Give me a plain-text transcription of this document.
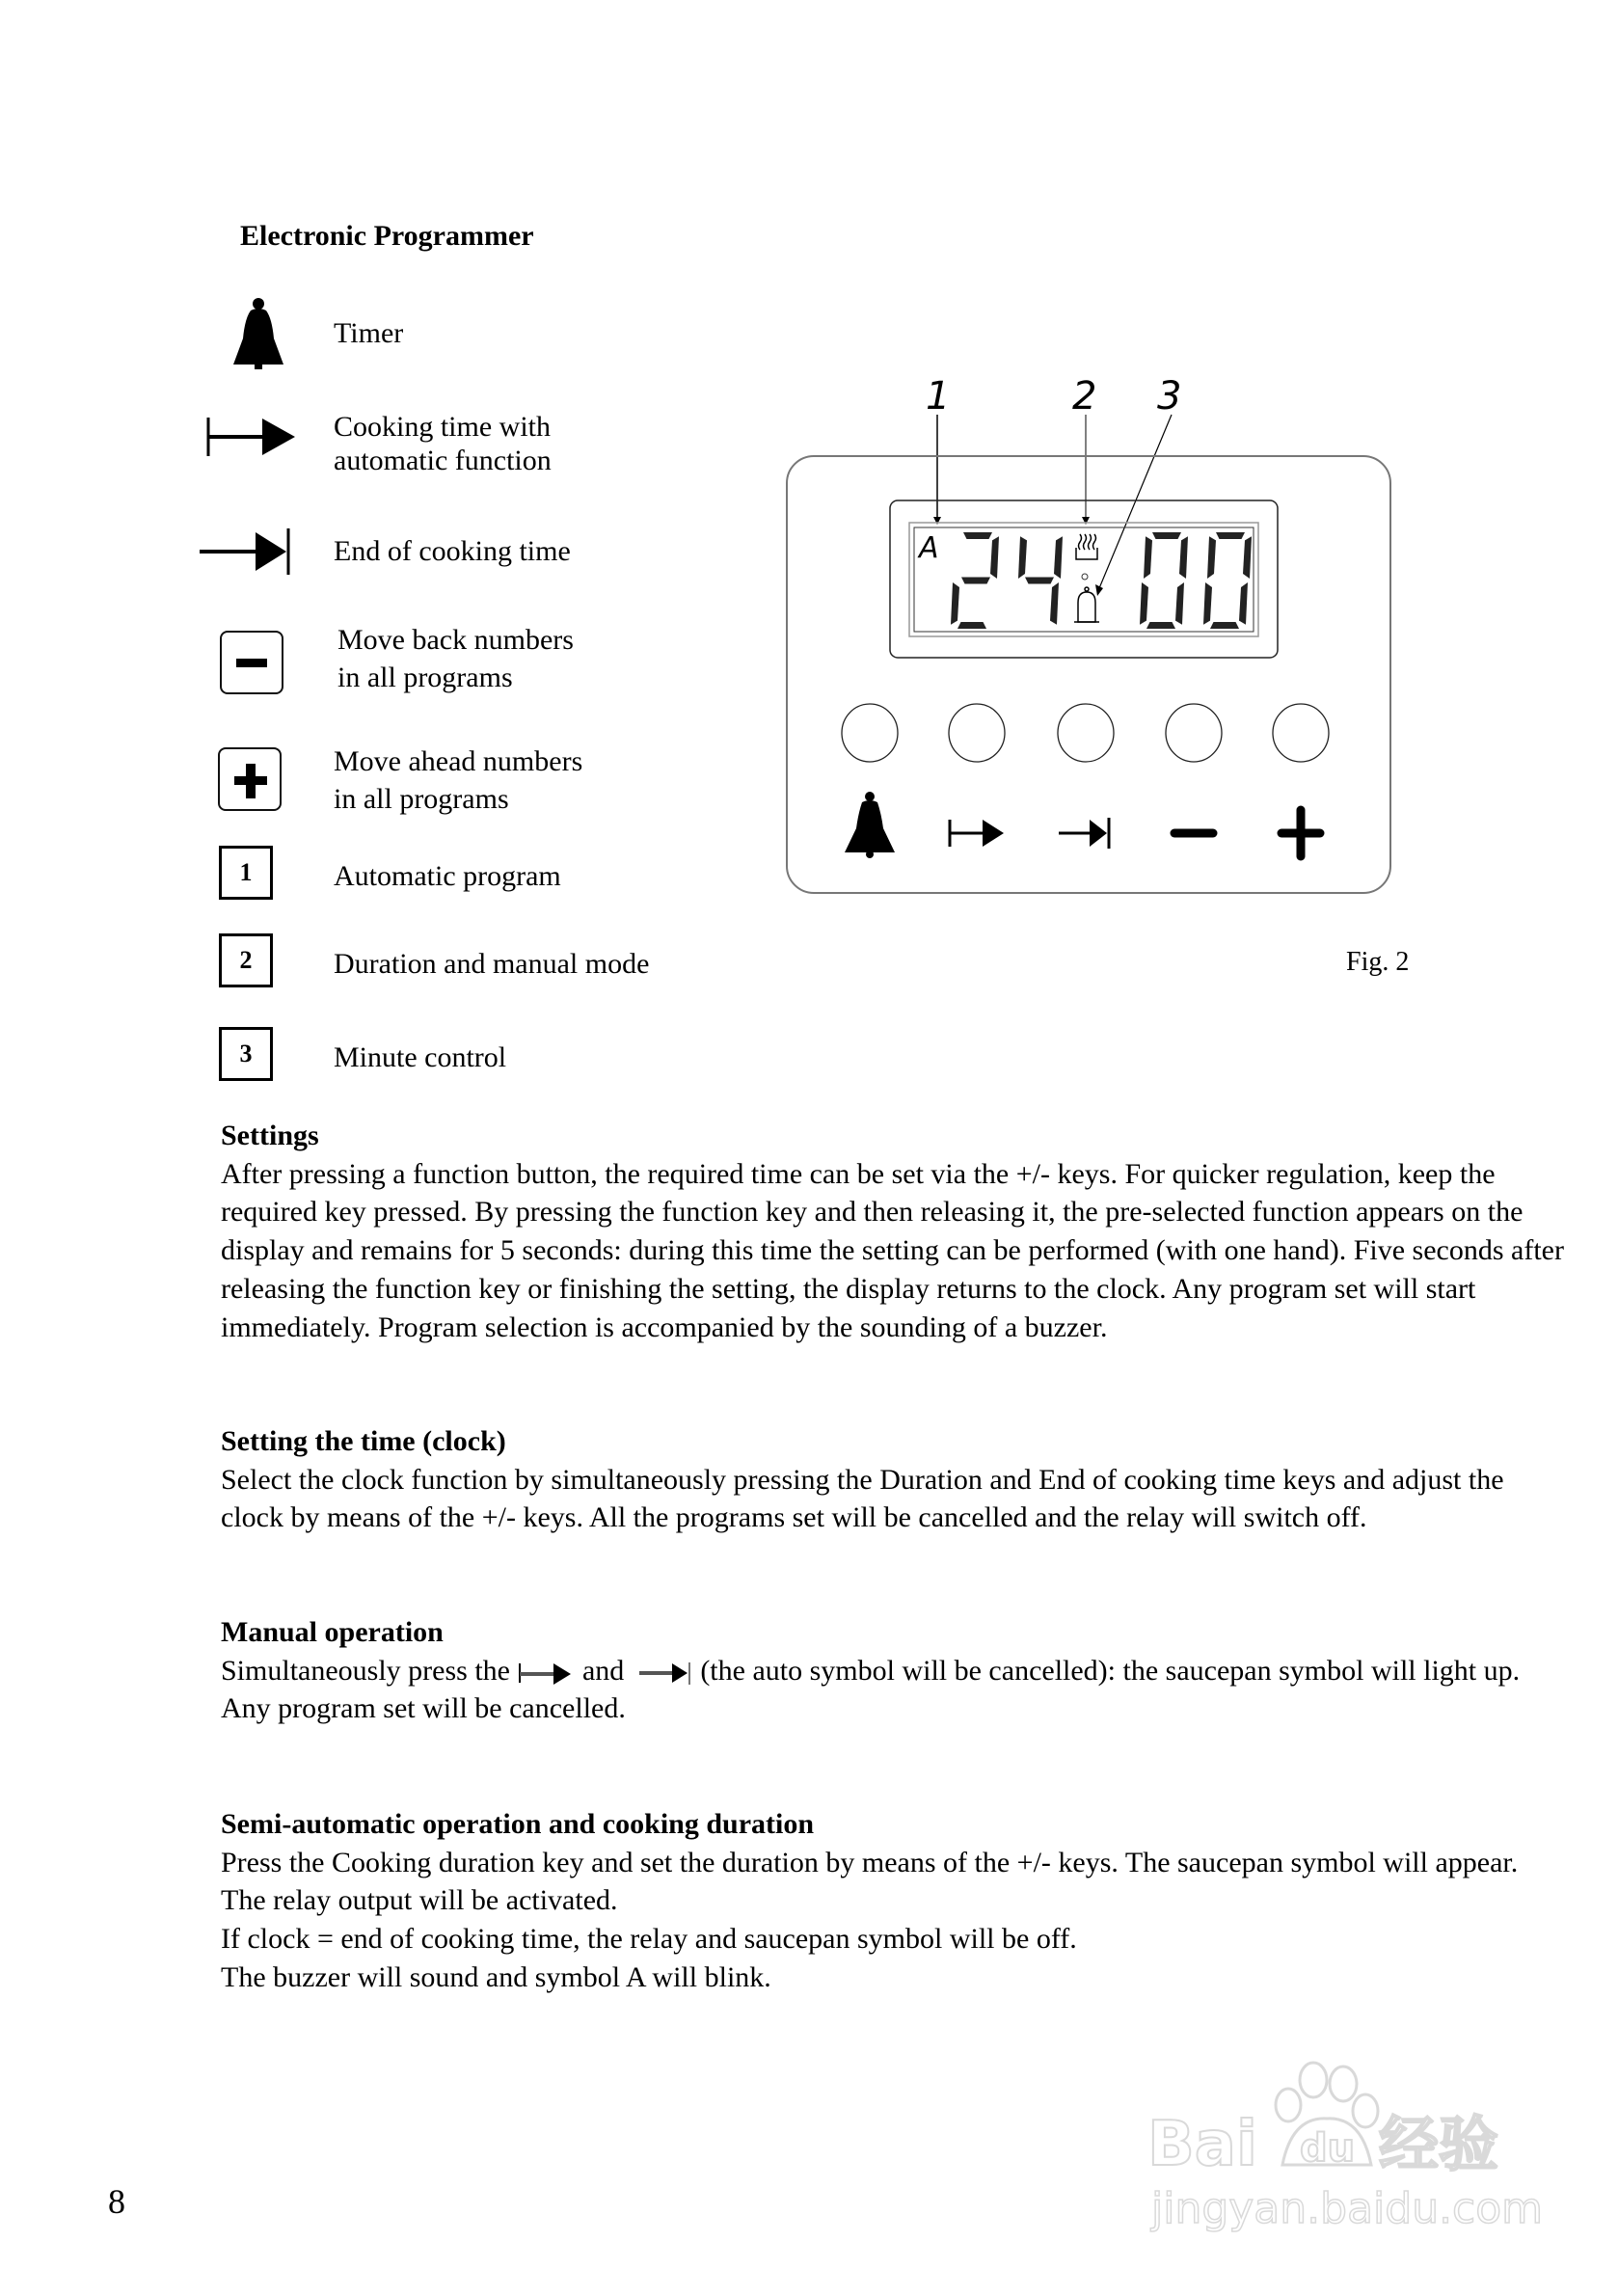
Electronic Programmer
Timer
Cooking time with
automatic function
End of cooking time
Move back numbers
in all programs
Move ahead numbers
in all programs
1	Automatic program
2	Duration and manual mode
3	Minute control
1	2 3
A
Fig. 2
Settings

After pressing a function button, the required time can be set via the +/- keys. For quicker regulation, keep the required key pressed. By pressing the function key and then releasing it, the pre-selected function appears on the display and remains for 5 seconds: during this time the setting can be performed (with one hand). Five seconds after releasing the function key or finishing the setting, the display returns to the clock. Any program set will start immediately. Program selection is accompanied by the sounding of a buzzer.

Setting the time (clock)

Select the clock function by simultaneously pressing the Duration and End of cooking time keys and adjust the clock by means of the +/- keys. All the programs set will be cancelled and the relay will switch off.

Manual operation

Simultaneously press the	and	(the auto symbol will be cancelled): the saucepan symbol will light up.

Any program set will be cancelled.

Semi-automatic operation and cooking duration

Press the Cooking duration key and set the duration by means of the +/- keys. The saucepan symbol will appear.

The relay output will be activated.

If clock = end of cooking time, the relay and saucepan symbol will be off.

The buzzer will sound and symbol A will blink.

8
Bai du 经验
jingyan.baidu.com
